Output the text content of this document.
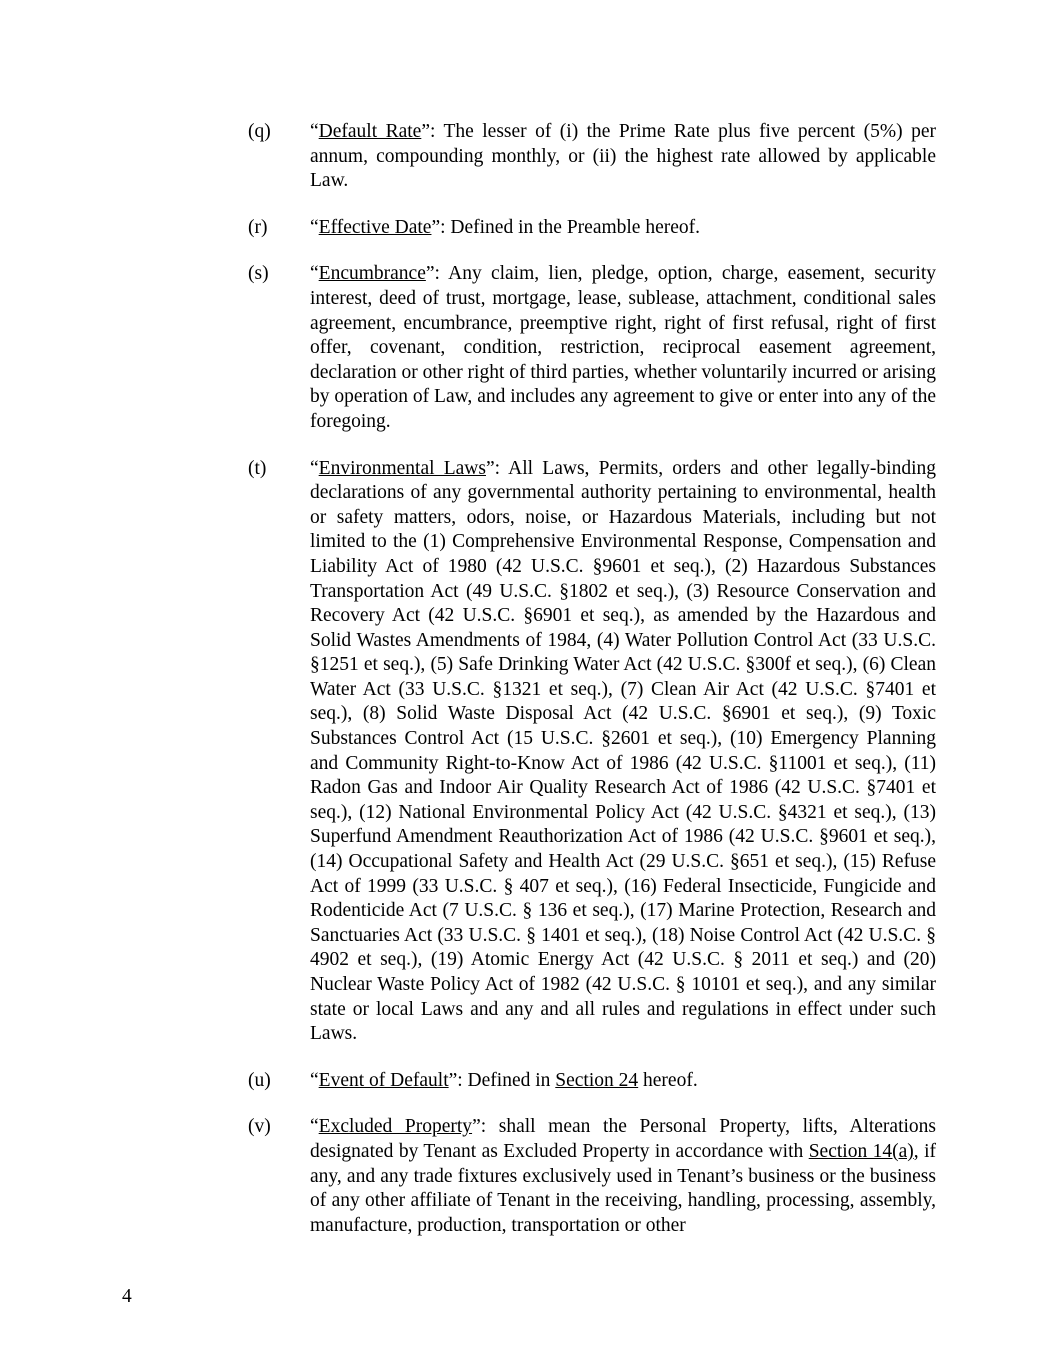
(q)	“Default Rate”: The lesser of (i) the Prime Rate plus five percent (5%) per annum, compounding monthly, or (ii) the highest rate allowed by applicable Law.
(r)	“Effective Date”: Defined in the Preamble hereof.
(s)	“Encumbrance”: Any claim, lien, pledge, option, charge, easement, security interest, deed of trust, mortgage, lease, sublease, attachment, conditional sales agreement, encumbrance, preemptive right, right of first refusal, right of first offer, covenant, condition, restriction, reciprocal easement agreement, declaration or other right of third parties, whether voluntarily incurred or arising by operation of Law, and includes any agreement to give or enter into any of the foregoing.
(t)	“Environmental Laws”: All Laws, Permits, orders and other legally-binding declarations of any governmental authority pertaining to environmental, health or safety matters, odors, noise, or Hazardous Materials, including but not limited to the (1) Comprehensive Environmental Response, Compensation and Liability Act of 1980 (42 U.S.C. §9601 et seq.), (2) Hazardous Substances Transportation Act (49 U.S.C. §1802 et seq.), (3) Resource Conservation and Recovery Act (42 U.S.C. §6901 et seq.), as amended by the Hazardous and Solid Wastes Amendments of 1984, (4) Water Pollution Control Act (33 U.S.C. §1251 et seq.), (5) Safe Drinking Water Act (42 U.S.C. §300f et seq.), (6) Clean Water Act (33 U.S.C. §1321 et seq.), (7) Clean Air Act (42 U.S.C. §7401 et seq.), (8) Solid Waste Disposal Act (42 U.S.C. §6901 et seq.), (9) Toxic Substances Control Act (15 U.S.C. §2601 et seq.), (10) Emergency Planning and Community Right-to-Know Act of 1986 (42 U.S.C. §11001 et seq.), (11) Radon Gas and Indoor Air Quality Research Act of 1986 (42 U.S.C. §7401 et seq.), (12) National Environmental Policy Act (42 U.S.C. §4321 et seq.), (13) Superfund Amendment Reauthorization Act of 1986 (42 U.S.C. §9601 et seq.), (14) Occupational Safety and Health Act (29 U.S.C. §651 et seq.), (15) Refuse Act of 1999 (33 U.S.C. § 407 et seq.), (16) Federal Insecticide, Fungicide and Rodenticide Act (7 U.S.C. § 136 et seq.), (17) Marine Protection, Research and Sanctuaries Act (33 U.S.C. § 1401 et seq.), (18) Noise Control Act (42 U.S.C. § 4902 et seq.), (19) Atomic Energy Act (42 U.S.C. § 2011 et seq.) and (20) Nuclear Waste Policy Act of 1982 (42 U.S.C. § 10101 et seq.), and any similar state or local Laws and any and all rules and regulations in effect under such Laws.
(u)	“Event of Default”: Defined in Section 24 hereof.
(v)	“Excluded Property”: shall mean the Personal Property, lifts, Alterations designated by Tenant as Excluded Property in accordance with Section 14(a), if any, and any trade fixtures exclusively used in Tenant’s business or the business of any other affiliate of Tenant in the receiving, handling, processing, assembly, manufacture, production, transportation or other
4
